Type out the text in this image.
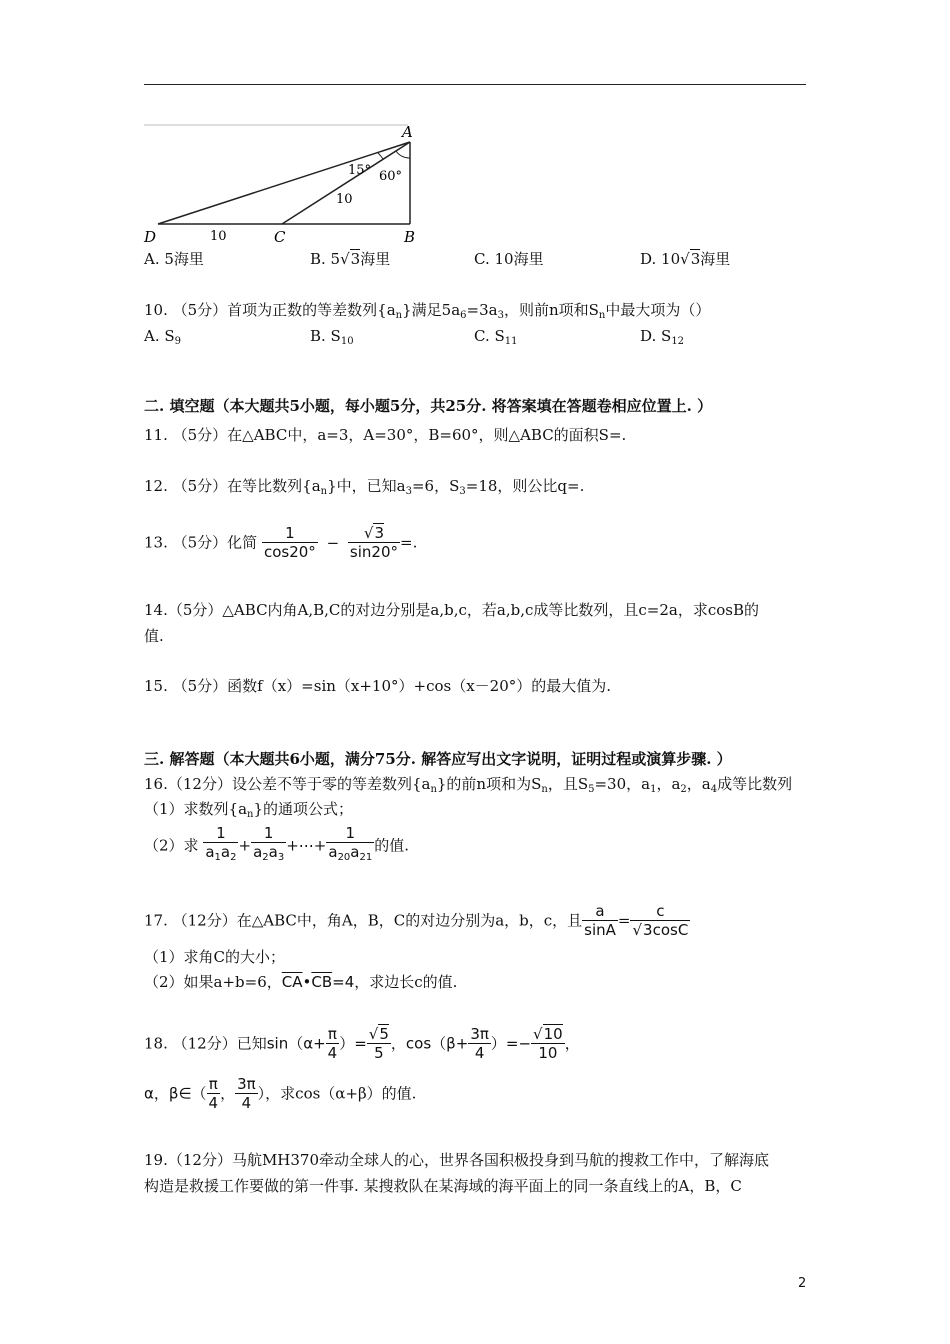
A
B
C
D
15° 60°
10
10
A. 5海里	B. 5√3海里	C. 10海里	D. 10√3海里
10. （5分）首项为正数的等差数列$\{a_n\}$满足$5a_6=3a_3$，则前n项和$S_n$中最大项为（）
A. $S_9$	B. $S_{10}$	C. $S_{11}$	D. $S_{12}$
二. 填空题（本大题共5小题，每小题5分，共25分. 将答案填在答题卷相应位置上. ）
11. （5分）在△ABC中，a=3，A=30°，B=60°，则△ABC的面积S=.
12. （5分）在等比数列$\{a_n\}$中，已知$a_3=6$，$S_3=18$，则公比q=.
13. （5分）化简 $\frac{1}{\cos 20^\circ} - \frac{√3}{\sin 20^\circ}$ =.
14.（5分）△ABC内角A,B,C的对边分别是a,b,c，若a,b,c成等比数列，且c=2a，求cosB的
值.
15. （5分）函数f（x）=sin（x+10°）+cos（x－20°）的最大值为.
三. 解答题（本大题共6小题，满分75分. 解答应写出文字说明，证明过程或演算步骤. ）
16.（12分）设公差不等于零的等差数列$\{a_n\}$的前n项和为$S_n$，且$S_5=30$，$a_1$，$a_2$，$a_4$成等比数列
（1）求数列$\{a_n\}$的通项公式；
（2）求 $\frac{1}{a_1a_2} + \frac{1}{a_2a_3}$ +⋯+ $\frac{1}{a_{20}a_{21}}$ 的值.
17. （12分）在△ABC中，角A，B，C的对边分别为a，b，c，且 $\frac{a}{\sin A} = \frac{c}{√3\cos C}$
（1）求角C的大小；
（2）如果a+b=6，$\overline{CA}•\overline{CB}=4$，求边长c的值.
18. （12分）已知$\sin(\alpha+ \frac{\pi}{4}$ ）= $\frac{√5}{5}$ ，$\cos(\beta+ \frac{3\pi}{4}$ ）=− $\frac{√10}{10}$ ，
α，β∈（ $\frac{\pi}{4}$ ， $\frac{3\pi}{4}$ ），求cos（α+β）的值.
19.（12分）马航MH370牵动全球人的心，世界各国积极投身到马航的搜救工作中，了解海底
构造是救援工作要做的第一件事. 某搜救队在某海域的海平面上的同一条直线上的A，B，C
2
